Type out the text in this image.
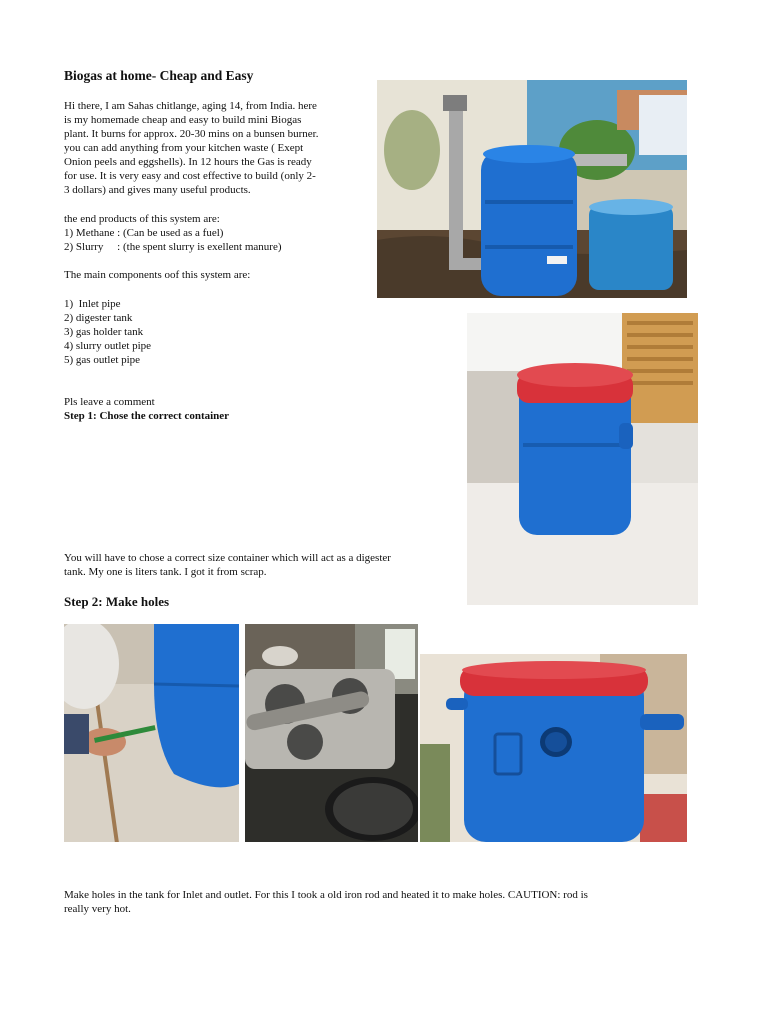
Biogas at home- Cheap and Easy
Hi there, I am Sahas chitlange, aging 14, from India. here
is my homemade cheap and easy to build mini Biogas
plant. It burns for approx. 20-30 mins on a bunsen burner.
you can add anything from your kitchen waste ( Exept
Onion peels and eggshells). In 12 hours the Gas is ready
for use. It is very easy and cost effective to build (only 2-
3 dollars) and gives many useful products.
the end products of this system are:
1) Methane : (Can be used as a fuel)
2) Slurry     : (the spent slurry is exellent manure)
The main components oof this system are:
1)  Inlet pipe
2) digester tank
3) gas holder tank
4) slurry outlet pipe
5) gas outlet pipe
Pls leave a comment
Step 1: Chose the correct container
You will have to chose a correct size container which will act as a digester
tank. My one is liters tank. I got it from scrap.
Step 2: Make holes
Make holes in the tank for Inlet and outlet. For this I took a old iron rod and heated it to make holes. CAUTION: rod is
really very hot.
